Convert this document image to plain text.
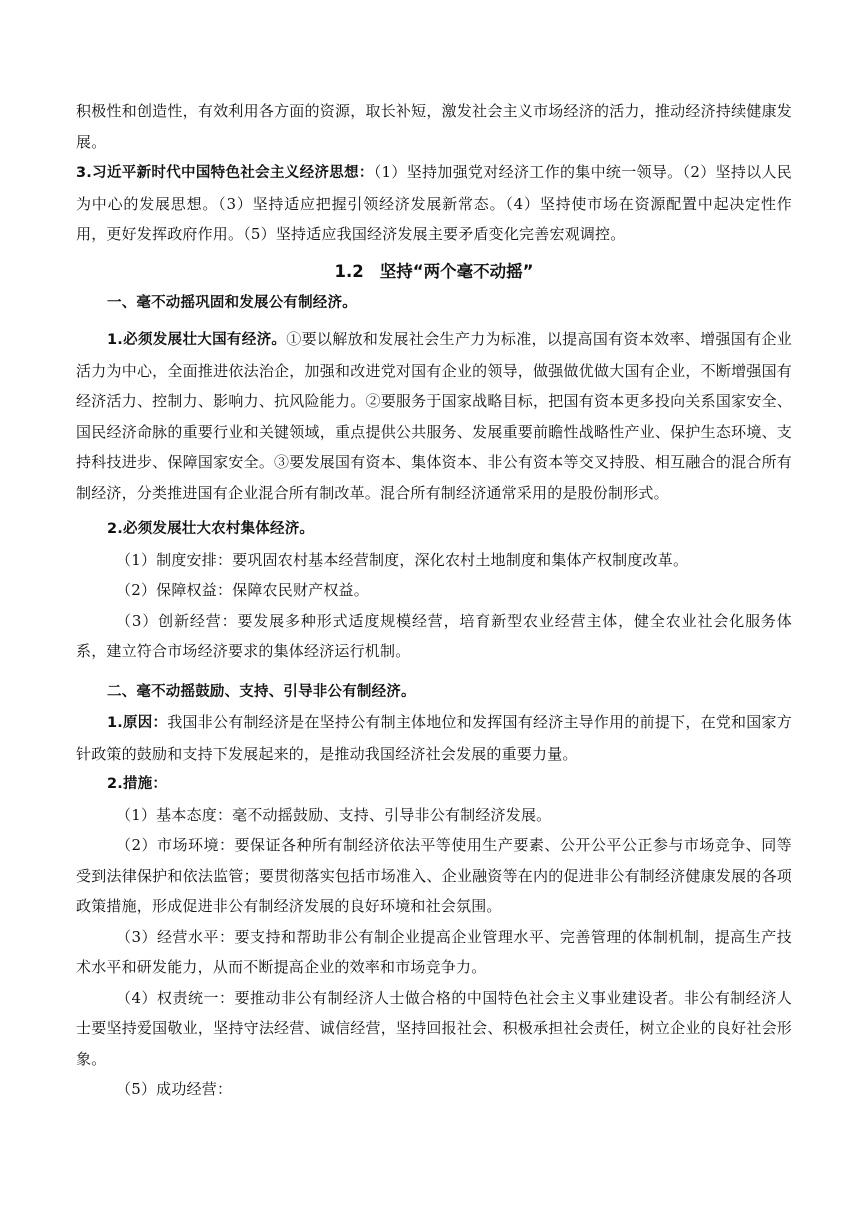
积极性和创造性，有效利用各方面的资源，取长补短，激发社会主义市场经济的活力，推动经济持续健康发展。

3.习近平新时代中国特色社会主义经济思想：（1）坚持加强党对经济工作的集中统一领导。（2）坚持以人民为中心的发展思想。（3）坚持适应把握引领经济发展新常态。（4）坚持使市场在资源配置中起决定性作用，更好发挥政府作用。（5）坚持适应我国经济发展主要矛盾变化完善宏观调控。

1.2 坚持“两个毫不动摇”

一、毫不动摇巩固和发展公有制经济。

1.必须发展壮大国有经济。①要以解放和发展社会生产力为标准，以提高国有资本效率、增强国有企业活力为中心，全面推进依法治企，加强和改进党对国有企业的领导，做强做优做大国有企业，不断增强国有经济活力、控制力、影响力、抗风险能力。②要服务于国家战略目标，把国有资本更多投向关系国家安全、国民经济命脉的重要行业和关键领域，重点提供公共服务、发展重要前瞻性战略性产业、保护生态环境、支持科技进步、保障国家安全。③要发展国有资本、集体资本、非公有资本等交叉持股、相互融合的混合所有制经济，分类推进国有企业混合所有制改革。混合所有制经济通常采用的是股份制形式。

2.必须发展壮大农村集体经济。

（1）制度安排：要巩固农村基本经营制度，深化农村土地制度和集体产权制度改革。

（2）保障权益：保障农民财产权益。

（3）创新经营：要发展多种形式适度规模经营，培育新型农业经营主体，健全农业社会化服务体系，建立符合市场经济要求的集体经济运行机制。

二、毫不动摇鼓励、支持、引导非公有制经济。

1.原因：我国非公有制经济是在坚持公有制主体地位和发挥国有经济主导作用的前提下，在党和国家方针政策的鼓励和支持下发展起来的，是推动我国经济社会发展的重要力量。

2.措施：

（1）基本态度：毫不动摇鼓励、支持、引导非公有制经济发展。

（2）市场环境：要保证各种所有制经济依法平等使用生产要素、公开公平公正参与市场竞争、同等受到法律保护和依法监管；要贯彻落实包括市场准入、企业融资等在内的促进非公有制经济健康发展的各项政策措施，形成促进非公有制经济发展的良好环境和社会氛围。

（3）经营水平：要支持和帮助非公有制企业提高企业管理水平、完善管理的体制机制，提高生产技术水平和研发能力，从而不断提高企业的效率和市场竞争力。

（4）权责统一：要推动非公有制经济人士做合格的中国特色社会主义事业建设者。非公有制经济人士要坚持爱国敬业，坚持守法经营、诚信经营，坚持回报社会、积极承担社会责任，树立企业的良好社会形象。

（5）成功经营：
